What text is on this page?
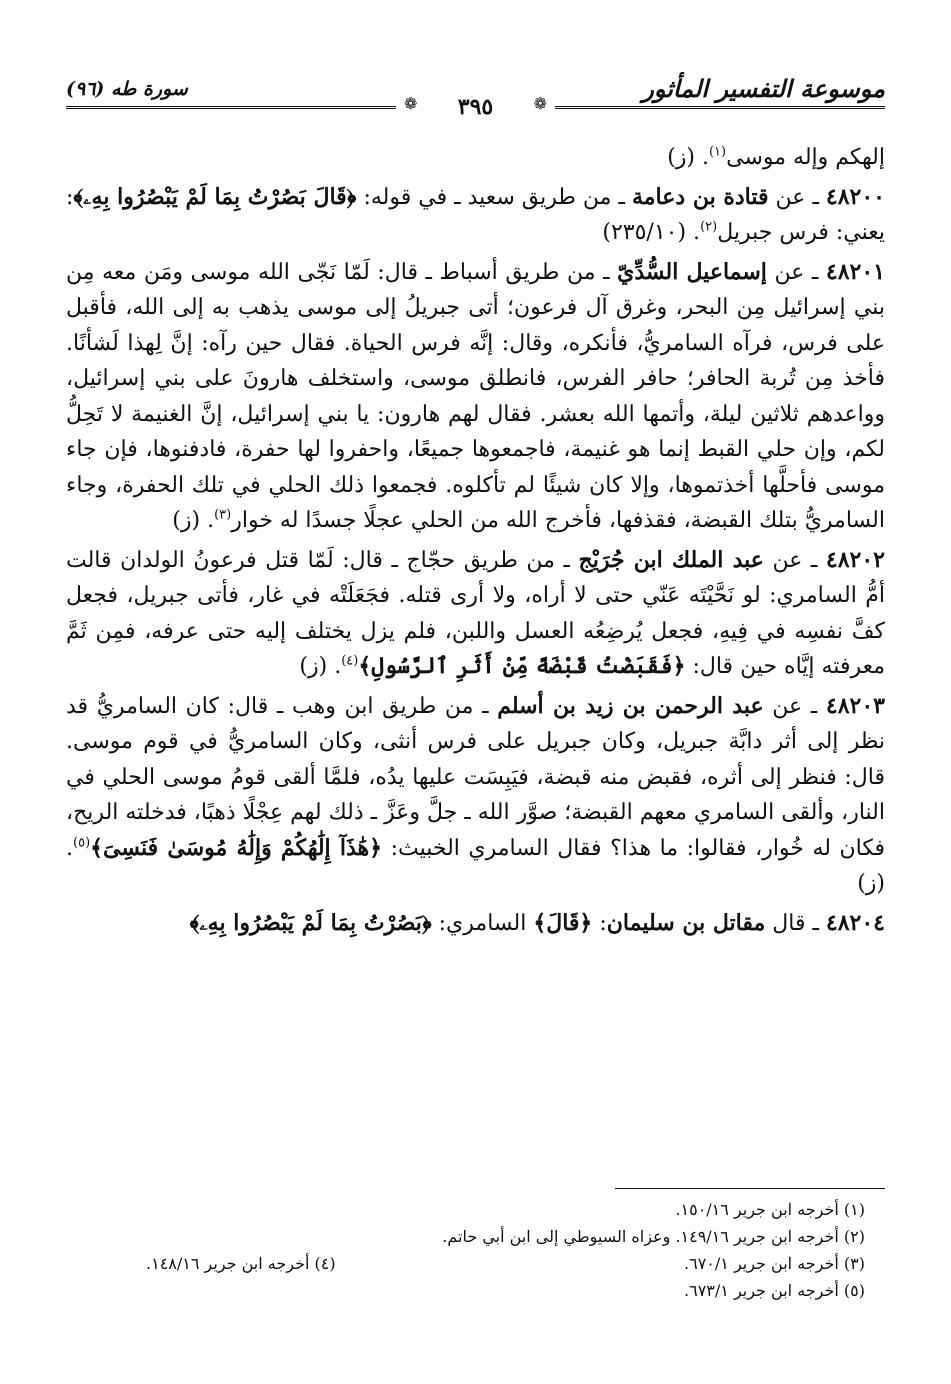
موسوعة التفسير المأثور
سورة طه (٩٦)
❁
❁	٣٩٥

إلهكم وإله موسى$^{(١)}$. (ز)

٤٨٢٠٠ ـ عن قتادة بن دعامة ـ من طريق سعيد ـ في قوله: ﴿قَالَ بَصُرْتُ بِمَا لَمْ يَبْصُرُوا بِهِۦ﴾: يعني: فرس جبريل$^{(٢)}$. (٢٣٥/١٠)

٤٨٢٠١ ـ عن إسماعيل السُّدِّيّ ـ من طريق أسباط ـ قال: لَمّا نَجّى الله موسى ومَن معه مِن بني إسرائيل مِن البحر، وغرق آل فرعون؛ أتى جبريلُ إلى موسى يذهب به إلى الله، فأقبل على فرس، فرآه السامريُّ، فأنكره، وقال: إنَّه فرس الحياة. فقال حين رآه: إنَّ لِهذا لَشأنًا. فأخذ مِن تُربة الحافر؛ حافر الفرس، فانطلق موسى، واستخلف هارونَ على بني إسرائيل، وواعدهم ثلاثين ليلة، وأتمها الله بعشر. فقال لهم هارون: يا بني إسرائيل، إنَّ الغنيمة لا تَحِلُّ لكم، وإن حلي القبط إنما هو غنيمة، فاجمعوها جميعًا، واحفروا لها حفرة، فادفنوها، فإن جاء موسى فأحلَّها أخذتموها، وإلا كان شيئًا لم تأكلوه. فجمعوا ذلك الحلي في تلك الحفرة، وجاء السامريُّ بتلك القبضة، فقذفها، فأخرج الله من الحلي عجلًا جسدًا له خوار$^{(٣)}$. (ز)

٤٨٢٠٢ ـ عن عبد الملك ابن جُرَيْج ـ من طريق حجّاج ـ قال: لَمّا قتل فرعونُ الولدان قالت أمُّ السامري: لو نَحَّيْتَه عَنّي حتى لا أراه، ولا أرى قتله. فجَعَلَتْه في غار، فأتى جبريل، فجعل كفَّ نفسِه في فِيهِ، فجعل يُرضِعُه العسل واللبن، فلم يزل يختلف إليه حتى عرفه، فمِن ثَمَّ معرفته إيَّاه حين قال: ﴿فَقَبَضْتُ قَبْضَةً مِّنْ أَثَرِ ٱلرَّسُولِ﴾$^{(٤)}$. (ز)

٤٨٢٠٣ ـ عن عبد الرحمن بن زيد بن أسلم ـ من طريق ابن وهب ـ قال: كان السامريُّ قد نظر إلى أثر دابَّة جبريل، وكان جبريل على فرس أنثى، وكان السامريُّ في قوم موسى. قال: فنظر إلى أثره، فقبض منه قبضة، فيَبِسَت عليها يدُه، فلمَّا ألقى قومُ موسى الحلي في النار، وألقى السامري معهم القبضة؛ صوَّر الله ـ جلَّ وعَزَّ ـ ذلك لهم عِجْلًا ذهبًا، فدخلته الريح، فكان له خُوار، فقالوا: ما هذا؟ فقال السامري الخبيث: ﴿هَٰذَآ إِلَٰهُكُمْ وَإِلَٰهُ مُوسَىٰ فَنَسِىَ﴾$^{(٥)}$. (ز)

٤٨٢٠٤ ـ قال مقاتل بن سليمان: ﴿قَالَ﴾ السامري: ﴿بَصُرْتُ بِمَا لَمْ يَبْصُرُوا بِهِۦ﴾

(١) أخرجه ابن جرير ١٥٠/١٦.
(٢) أخرجه ابن جرير ١٤٩/١٦. وعزاه السيوطي إلى ابن أبي حاتم.
(٣) أخرجه ابن جرير ٦٧٠/١.
(٤) أخرجه ابن جرير ١٤٨/١٦.
(٥) أخرجه ابن جرير ٦٧٣/١.
